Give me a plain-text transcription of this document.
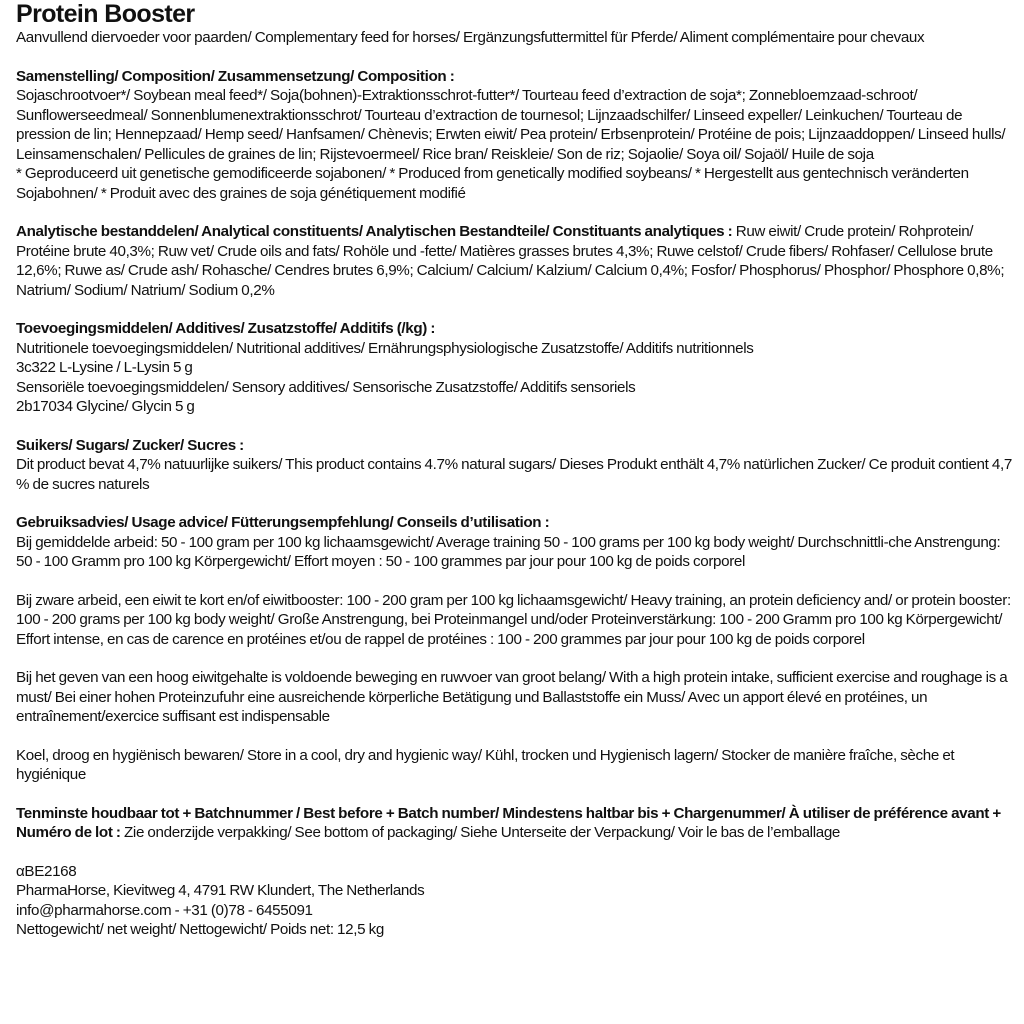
Protein Booster

Aanvullend diervoeder voor paarden/ Complementary feed for horses/ Ergänzungsfuttermittel für Pferde/ Aliment complémentaire pour chevaux

Samenstelling/ Composition/ Zusammensetzung/ Composition :

Sojaschrootvoer*/ Soybean meal feed*/ Soja(bohnen)-Extraktionsschrot-futter*/ Tourteau feed d’extraction de soja*; Zonnebloemzaad-schroot/ Sunflowerseedmeal/ Sonnenblumenextraktionsschrot/ Tourteau d’extraction de tournesol; Lijnzaadschilfer/ Linseed expeller/ Leinkuchen/ Tourteau de pression de lin; Hennepzaad/ Hemp seed/ Hanfsamen/ Chènevis; Erwten eiwit/ Pea protein/ Erbsenprotein/ Protéine de pois; Lijnzaaddoppen/ Linseed hulls/ Leinsamenschalen/ Pellicules de graines de lin; Rijstevoermeel/ Rice bran/ Reiskleie/ Son de riz; Sojaolie/ Soya oil/ Sojaöl/ Huile de soja

* Geproduceerd uit genetische gemodificeerde sojabonen/ * Produced from genetically modified soybeans/ * Hergestellt aus gentechnisch veränderten Sojabohnen/ * Produit avec des graines de soja génétiquement modifié

Analytische bestanddelen/ Analytical constituents/ Analytischen Bestandteile/ Constituants analytiques : Ruw eiwit/ Crude protein/ Rohprotein/ Protéine brute 40,3%; Ruw vet/ Crude oils and fats/ Rohöle und -fette/ Matières grasses brutes 4,3%; Ruwe celstof/ Crude fibers/ Rohfaser/ Cellulose brute 12,6%; Ruwe as/ Crude ash/ Rohasche/ Cendres brutes 6,9%; Calcium/ Calcium/ Kalzium/ Calcium 0,4%; Fosfor/ Phosphorus/ Phosphor/ Phosphore 0,8%; Natrium/ Sodium/ Natrium/ Sodium 0,2%

Toevoegingsmiddelen/ Additives/ Zusatzstoffe/ Additifs (/kg) :

Nutritionele toevoegingsmiddelen/ Nutritional additives/ Ernährungsphysiologische Zusatzstoffe/ Additifs nutritionnels

3c322 L-Lysine / L-Lysin 5 g

Sensoriële toevoegingsmiddelen/ Sensory additives/ Sensorische Zusatzstoffe/ Additifs sensoriels

2b17034 Glycine/ Glycin 5 g

Suikers/ Sugars/ Zucker/ Sucres :

Dit product bevat 4,7% natuurlijke suikers/ This product contains 4.7% natural sugars/ Dieses Produkt enthält 4,7% natürlichen Zucker/ Ce produit contient 4,7 % de sucres naturels

Gebruiksadvies/ Usage advice/ Fütterungsempfehlung/ Conseils d’utilisation :

Bij gemiddelde arbeid: 50 - 100 gram per 100 kg lichaamsgewicht/ Average training 50 - 100 grams per 100 kg body weight/ Durchschnittli-che Anstrengung: 50 - 100 Gramm pro 100 kg Körpergewicht/ Effort moyen : 50 - 100 grammes par jour pour 100 kg de poids corporel

Bij zware arbeid, een eiwit te kort en/of eiwitbooster: 100 - 200 gram per 100 kg lichaamsgewicht/ Heavy training, an protein deficiency and/ or protein booster: 100 - 200 grams per 100 kg body weight/ Große Anstrengung, bei Proteinmangel und/oder Proteinverstärkung: 100 - 200 Gramm pro 100 kg Körpergewicht/ Effort intense, en cas de carence en protéines et/ou de rappel de protéines : 100 - 200 grammes par jour pour 100 kg de poids corporel

Bij het geven van een hoog eiwitgehalte is voldoende beweging en ruwvoer van groot belang/ With a high protein intake, sufficient exercise and roughage is a must/ Bei einer hohen Proteinzufuhr eine ausreichende körperliche Betätigung und Ballaststoffe ein Muss/ Avec un apport élevé en protéines, un entraînement/exercice suffisant est indispensable

Koel, droog en hygiënisch bewaren/ Store in a cool, dry and hygienic way/ Kühl, trocken und Hygienisch lagern/ Stocker de manière fraîche, sèche et hygiénique

Tenminste houdbaar tot + Batchnummer / Best before + Batch number/ Mindestens haltbar bis + Chargenummer/ À utiliser de préférence avant + Numéro de lot : Zie onderzijde verpakking/ See bottom of packaging/ Siehe Unterseite der Verpackung/ Voir le bas de l’emballage

αBE2168

PharmaHorse, Kievitweg 4, 4791 RW Klundert, The Netherlands

info@pharmahorse.com - +31 (0)78 - 6455091

Nettogewicht/ net weight/ Nettogewicht/ Poids net: 12,5 kg
